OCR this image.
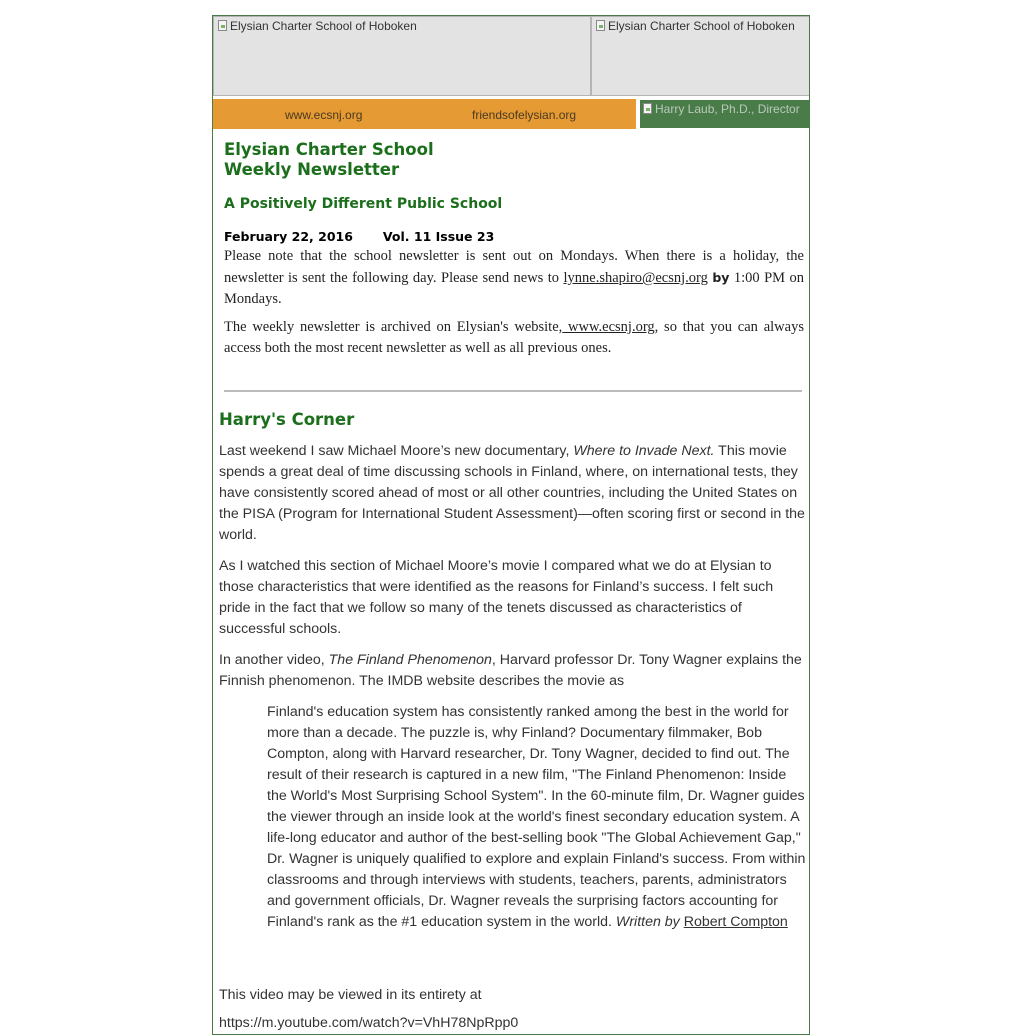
Elysian Charter School of Hoboken	Elysian Charter School of Hoboken
www.ecsnj.org	friendsofelysian.org	Harry Laub, Ph.D., Director
Elysian Charter School
Weekly Newsletter
A Positively Different Public School
February 22, 2016 Vol. 11 Issue 23
Please note that the school newsletter is sent out on Mondays. When there is a holiday, the newsletter is sent the following day. Please send news to lynne.shapiro@ecsnj.org by 1:00 PM on Mondays.
The weekly newsletter is archived on Elysian's website, www.ecsnj.org, so that you can always access both the most recent newsletter as well as all previous ones.
Harry's Corner
Last weekend I saw Michael Moore’s new documentary, Where to Invade Next. This movie spends a great deal of time discussing schools in Finland, where, on international tests, they have consistently scored ahead of most or all other countries, including the United States on the PISA (Program for International Student Assessment)—often scoring first or second in the world.
As I watched this section of Michael Moore’s movie I compared what we do at Elysian to those characteristics that were identified as the reasons for Finland’s success. I felt such pride in the fact that we follow so many of the tenets discussed as characteristics of successful schools.
In another video, The Finland Phenomenon, Harvard professor Dr. Tony Wagner explains the Finnish phenomenon. The IMDB website describes the movie as
Finland's education system has consistently ranked among the best in the world for more than a decade. The puzzle is, why Finland? Documentary filmmaker, Bob Compton, along with Harvard researcher, Dr. Tony Wagner, decided to find out. The result of their research is captured in a new film, "The Finland Phenomenon: Inside the World's Most Surprising School System". In the 60-minute film, Dr. Wagner guides the viewer through an inside look at the world's finest secondary education system. A life-long educator and author of the best-selling book "The Global Achievement Gap," Dr. Wagner is uniquely qualified to explore and explain Finland's success. From within classrooms and through interviews with students, teachers, parents, administrators and government officials, Dr. Wagner reveals the surprising factors accounting for Finland's rank as the #1 education system in the world. Written by Robert Compton
This video may be viewed in its entirety at
https://m.youtube.com/watch?v=VhH78NpRpp0
